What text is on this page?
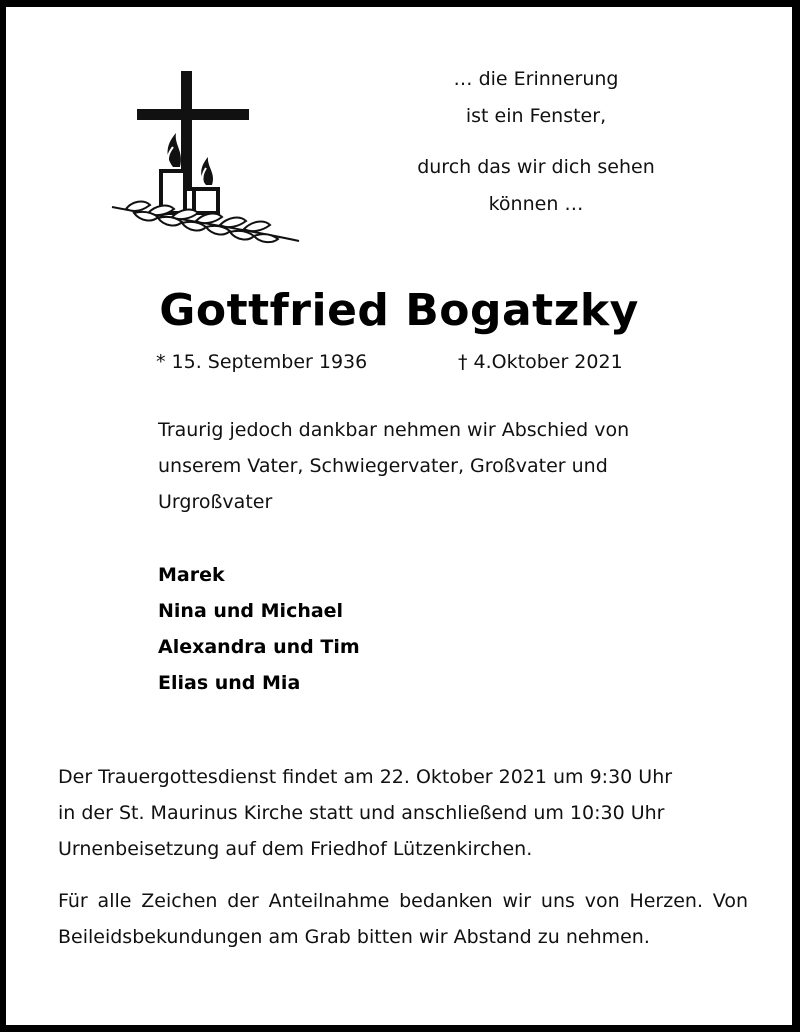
… die Erinnerung
ist ein Fenster,
durch das wir dich sehen
können …
Gottfried Bogatzky
* 15. September 1936	† 4.Oktober 2021
Traurig jedoch dankbar nehmen wir Abschied von
unserem Vater, Schwiegervater, Großvater und
Urgroßvater
Marek
Nina und Michael
Alexandra und Tim
Elias und Mia
Der Trauergottesdienst findet am 22. Oktober 2021 um 9:30 Uhr
in der St. Maurinus Kirche statt und anschließend um 10:30 Uhr
Urnenbeisetzung auf dem Friedhof Lützenkirchen.
Für alle Zeichen der Anteilnahme bedanken wir uns von Herzen. Von Beileidsbekundungen am Grab bitten wir Abstand zu nehmen.
